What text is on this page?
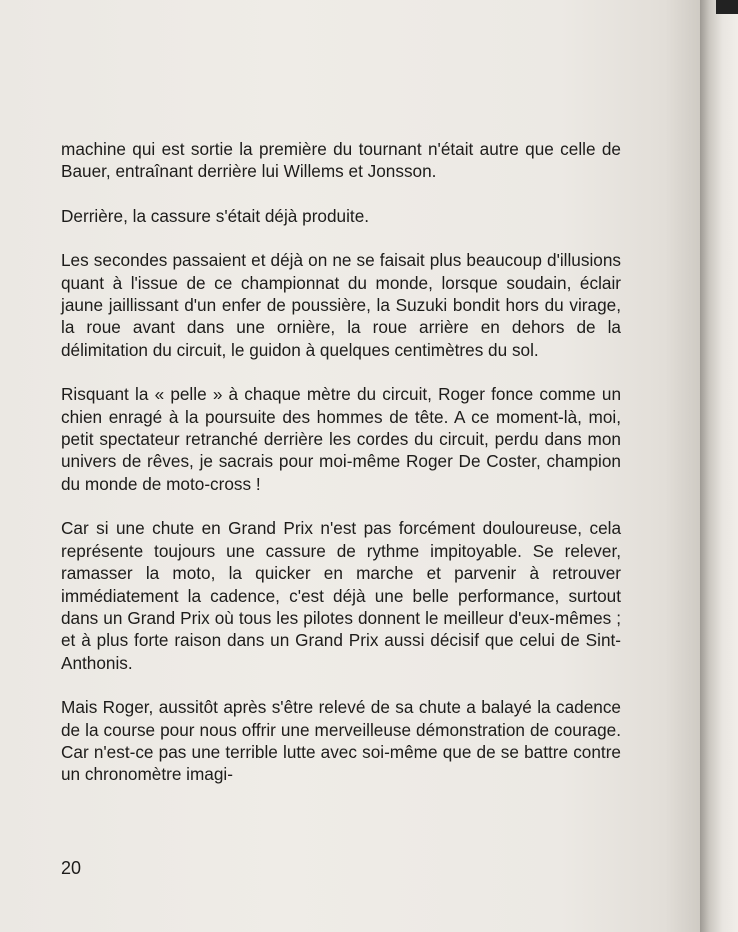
machine qui est sortie la première du tournant n'était autre que celle de Bauer, entraînant derrière lui Willems et Jonsson.

Derrière, la cassure s'était déjà produite.

Les secondes passaient et déjà on ne se faisait plus beaucoup d'illusions quant à l'issue de ce championnat du monde, lorsque soudain, éclair jaune jaillissant d'un enfer de poussière, la Suzuki bondit hors du virage, la roue avant dans une ornière, la roue arrière en dehors de la délimitation du circuit, le guidon à quelques centimètres du sol.

Risquant la « pelle » à chaque mètre du circuit, Roger fonce comme un chien enragé à la poursuite des hommes de tête. A ce moment-là, moi, petit spectateur retranché derrière les cordes du circuit, perdu dans mon univers de rêves, je sacrais pour moi-même Roger De Coster, champion du monde de moto-cross !

Car si une chute en Grand Prix n'est pas forcément douloureuse, cela représente toujours une cassure de rythme impitoyable. Se relever, ramasser la moto, la quicker en marche et parvenir à retrouver immédiatement la cadence, c'est déjà une belle performance, surtout dans un Grand Prix où tous les pilotes donnent le meilleur d'eux-mêmes ; et à plus forte raison dans un Grand Prix aussi décisif que celui de Sint-Anthonis.

Mais Roger, aussitôt après s'être relevé de sa chute a balayé la cadence de la course pour nous offrir une merveilleuse démonstration de courage. Car n'est-ce pas une terrible lutte avec soi-même que de se battre contre un chronomètre imagi-

20
